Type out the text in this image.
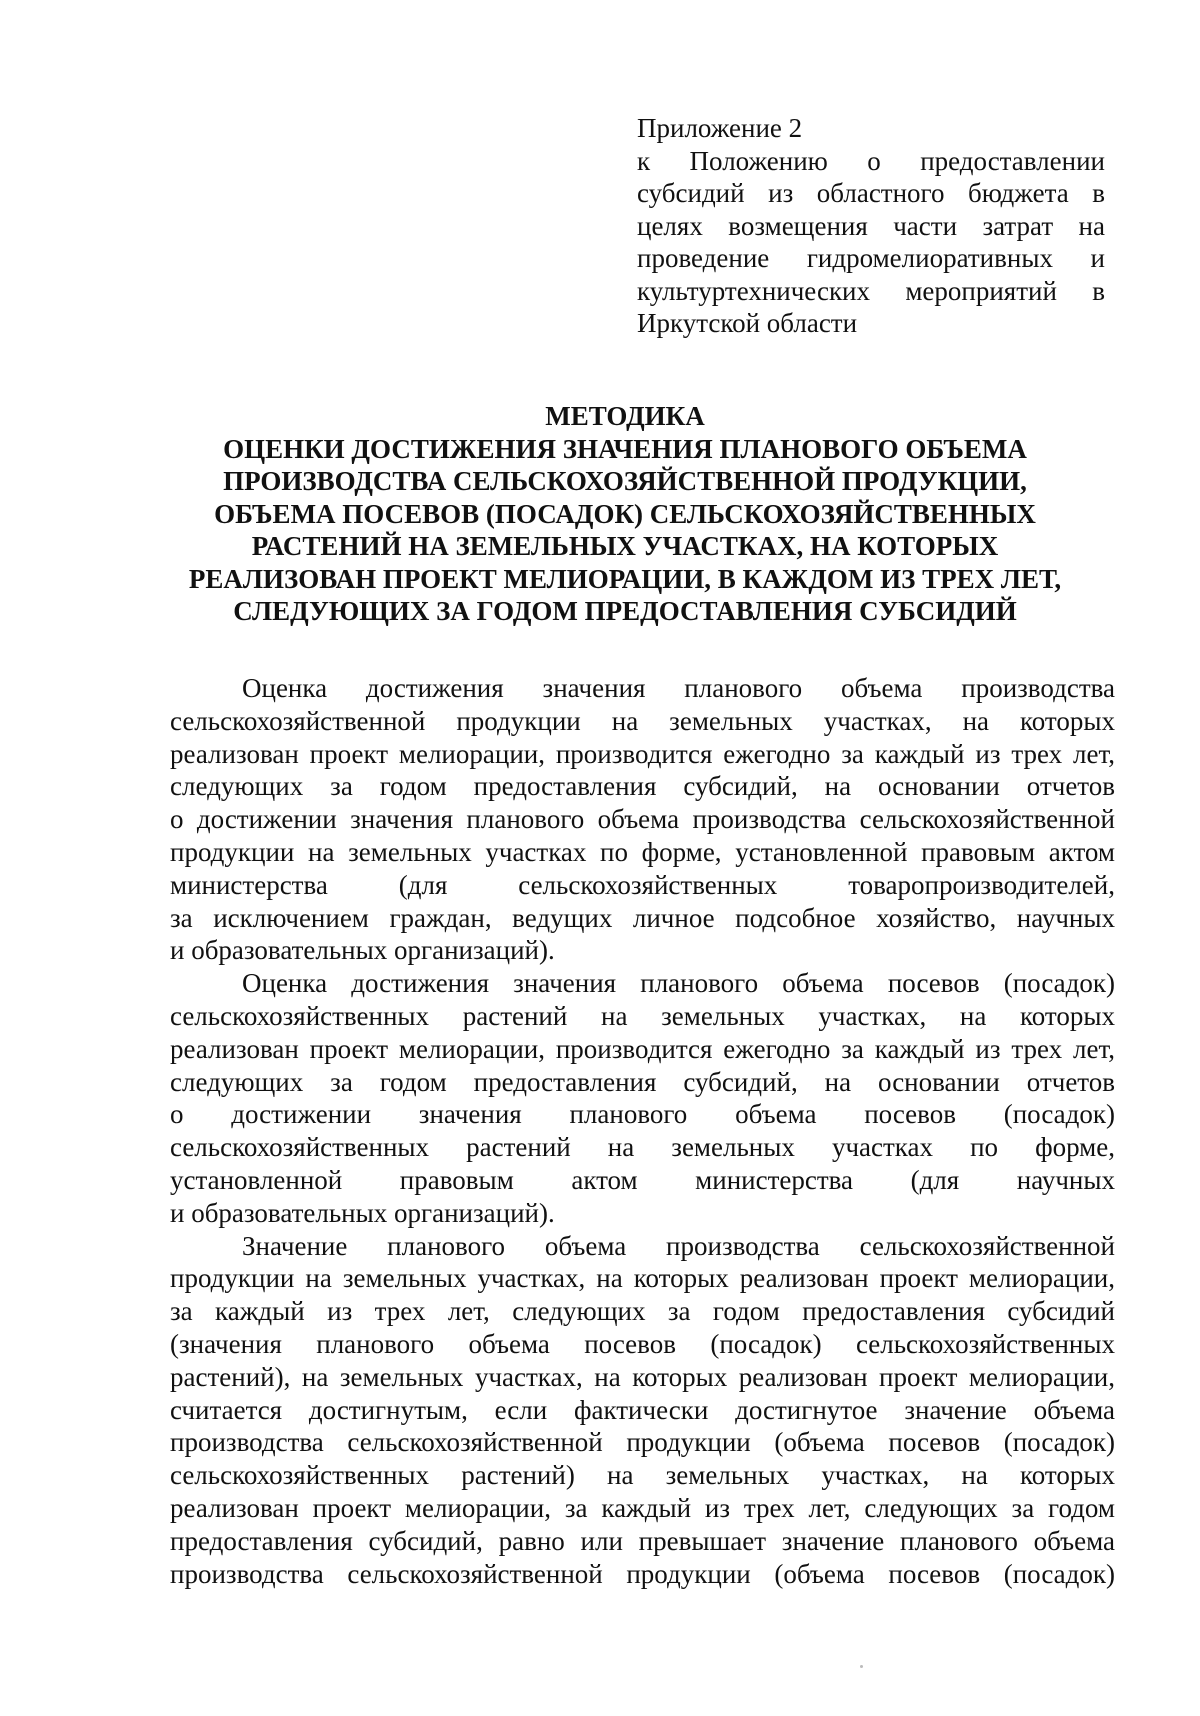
Приложение 2
к Положению о предоставлении
субсидий из областного бюджета в
целях возмещения части затрат на
проведение гидромелиоративных и
культуртехнических мероприятий в
Иркутской области
МЕТОДИКА
ОЦЕНКИ ДОСТИЖЕНИЯ ЗНАЧЕНИЯ ПЛАНОВОГО ОБЪЕМА
ПРОИЗВОДСТВА СЕЛЬСКОХОЗЯЙСТВЕННОЙ ПРОДУКЦИИ,
ОБЪЕМА ПОСЕВОВ (ПОСАДОК) СЕЛЬСКОХОЗЯЙСТВЕННЫХ
РАСТЕНИЙ НА ЗЕМЕЛЬНЫХ УЧАСТКАХ, НА КОТОРЫХ
РЕАЛИЗОВАН ПРОЕКТ МЕЛИОРАЦИИ, В КАЖДОМ ИЗ ТРЕХ ЛЕТ,
СЛЕДУЮЩИХ ЗА ГОДОМ ПРЕДОСТАВЛЕНИЯ СУБСИДИЙ
Оценка достижения значения планового объема производства
сельскохозяйственной продукции на земельных участках, на которых
реализован проект мелиорации, производится ежегодно за каждый из трех лет,
следующих за годом предоставления субсидий, на основании отчетов
о достижении значения планового объема производства сельскохозяйственной
продукции на земельных участках по форме, установленной правовым актом
министерства (для сельскохозяйственных товаропроизводителей,
за исключением граждан, ведущих личное подсобное хозяйство, научных
и образовательных организаций).
Оценка достижения значения планового объема посевов (посадок)
сельскохозяйственных растений на земельных участках, на которых
реализован проект мелиорации, производится ежегодно за каждый из трех лет,
следующих за годом предоставления субсидий, на основании отчетов
о достижении значения планового объема посевов (посадок)
сельскохозяйственных растений на земельных участках по форме,
установленной правовым актом министерства (для научных
и образовательных организаций).
Значение планового объема производства сельскохозяйственной
продукции на земельных участках, на которых реализован проект мелиорации,
за каждый из трех лет, следующих за годом предоставления субсидий
(значения планового объема посевов (посадок) сельскохозяйственных
растений), на земельных участках, на которых реализован проект мелиорации,
считается достигнутым, если фактически достигнутое значение объема
производства сельскохозяйственной продукции (объема посевов (посадок)
сельскохозяйственных растений) на земельных участках, на которых
реализован проект мелиорации, за каждый из трех лет, следующих за годом
предоставления субсидий, равно или превышает значение планового объема
производства сельскохозяйственной продукции (объема посевов (посадок)
